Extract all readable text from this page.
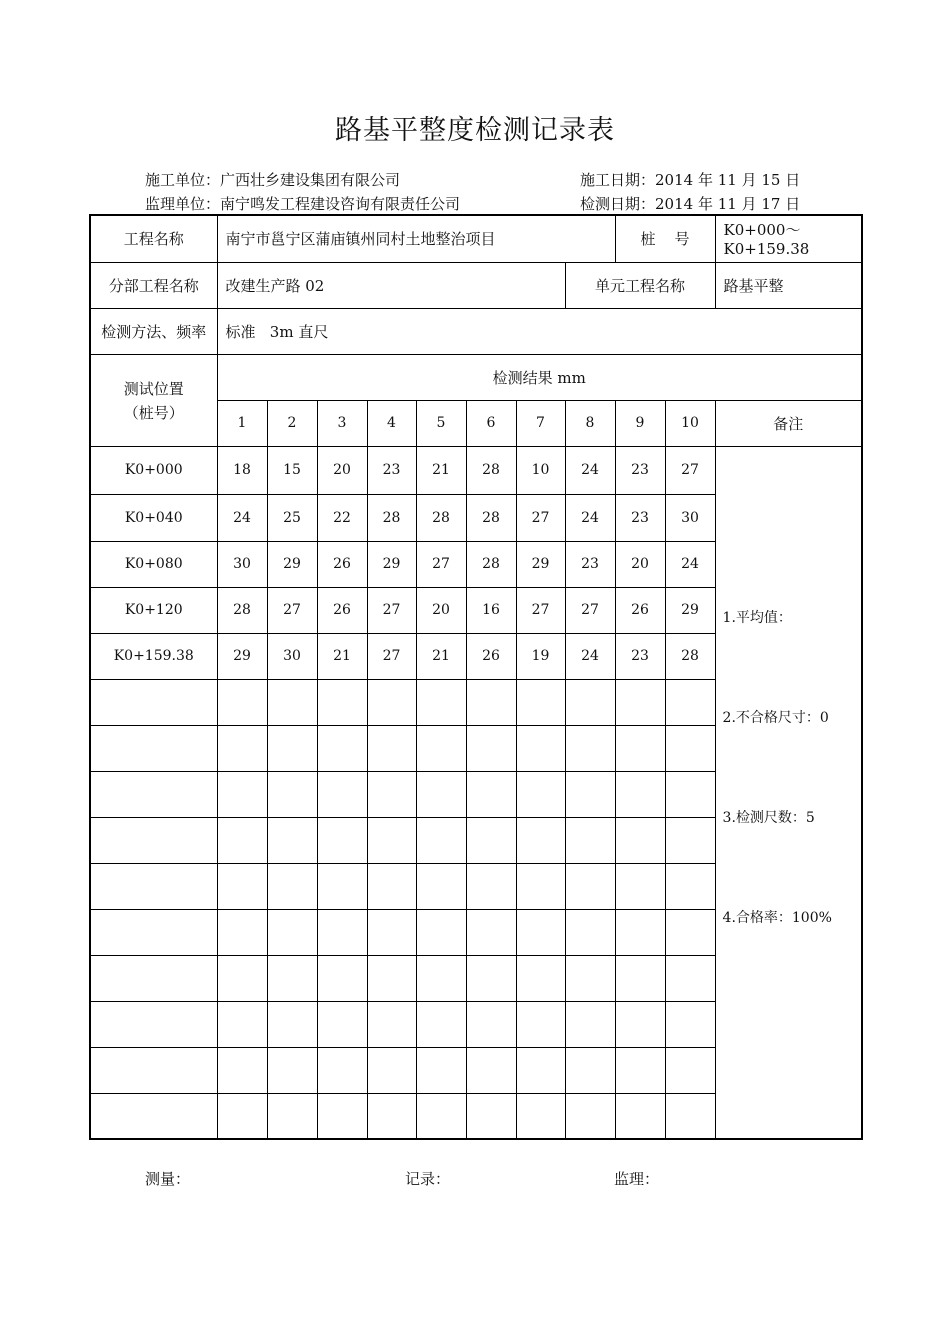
路基平整度检测记录表
施工单位：广西壮乡建设集团有限公司	施工日期：2014 年 11 月 15 日
监理单位：南宁鸣发工程建设咨询有限责任公司	检测日期：2014 年 11 月 17 日
工程名称	南宁市邕宁区蒲庙镇州同村土地整治项目								桩    号		K0+000～K0+159.38
分部工程名称	改建生产路 02							单元工程名称			路基平整
检测方法、频率	标准   3m 直尺										

测试位置
（桩号）	检测结果 mm										
	1	2	3	4	5	6	7	8	9	10	备注
K0+000	18	15	20	23	21	28	10	24	23	27	1.平均值：
2.不合格尺寸：0
3.检测尺数：5
4.合格率：100%

K0+040	24	25	22	28	28	28	27	24	23	30	
K0+080	30	29	26	29	27	28	29	23	20	24	
K0+120	28	27	26	27	20	16	27	27	26	29	
K0+159.38	29	30	21	27	21	26	19	24	23	28	

测量：	记录：	监理：
